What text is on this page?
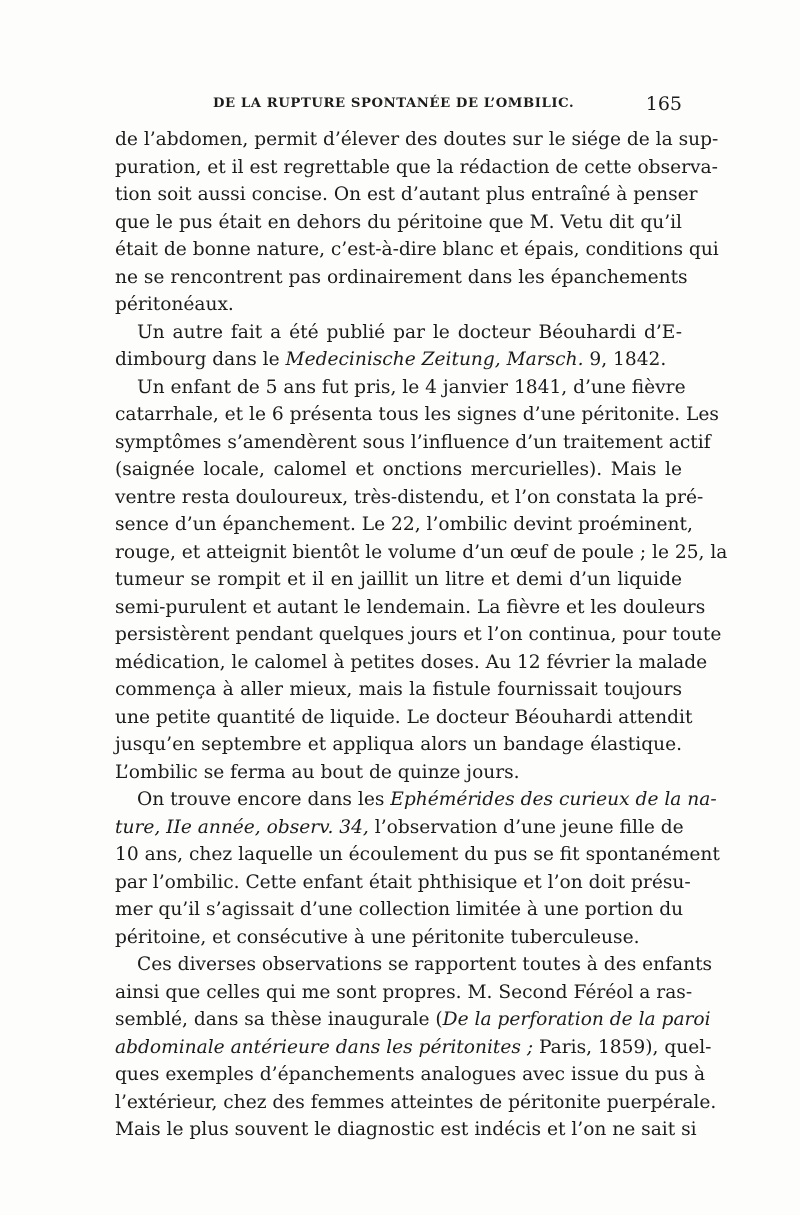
DE LA RUPTURE SPONTANÉE DE L’OMBILIC.	165
de l’abdomen, permit d’élever des doutes sur le siége de la sup-
puration, et il est regrettable que la rédaction de cette observa-
tion soit aussi concise. On est d’autant plus entraîné à penser
que le pus était en dehors du péritoine que M. Vetu dit qu’il
était de bonne nature, c’est-à-dire blanc et épais, conditions qui
ne se rencontrent pas ordinairement dans les épanchements
péritonéaux.
Un autre fait a été publié par le docteur Béouhardi d’E-
dimbourg dans le Medecinische Zeitung, Marsch. 9, 1842.
Un enfant de 5 ans fut pris, le 4 janvier 1841, d’une fièvre
catarrhale, et le 6 présenta tous les signes d’une péritonite. Les
symptômes s’amendèrent sous l’influence d’un traitement actif
(saignée locale, calomel et onctions mercurielles). Mais le
ventre resta douloureux, très-distendu, et l’on constata la pré-
sence d’un épanchement. Le 22, l’ombilic devint proéminent,
rouge, et atteignit bientôt le volume d’un œuf de poule ; le 25, la
tumeur se rompit et il en jaillit un litre et demi d’un liquide
semi-purulent et autant le lendemain. La fièvre et les douleurs
persistèrent pendant quelques jours et l’on continua, pour toute
médication, le calomel à petites doses. Au 12 février la malade
commença à aller mieux, mais la fistule fournissait toujours
une petite quantité de liquide. Le docteur Béouhardi attendit
jusqu’en septembre et appliqua alors un bandage élastique.
L’ombilic se ferma au bout de quinze jours.
On trouve encore dans les Ephémérides des curieux de la na-
ture, IIe année, observ. 34, l’observation d’une jeune fille de
10 ans, chez laquelle un écoulement du pus se fit spontanément
par l’ombilic. Cette enfant était phthisique et l’on doit présu-
mer qu’il s’agissait d’une collection limitée à une portion du
péritoine, et consécutive à une péritonite tuberculeuse.
Ces diverses observations se rapportent toutes à des enfants
ainsi que celles qui me sont propres. M. Second Féréol a ras-
semblé, dans sa thèse inaugurale (De la perforation de la paroi
abdominale antérieure dans les péritonites ; Paris, 1859), quel-
ques exemples d’épanchements analogues avec issue du pus à
l’extérieur, chez des femmes atteintes de péritonite puerpérale.
Mais le plus souvent le diagnostic est indécis et l’on ne sait si
